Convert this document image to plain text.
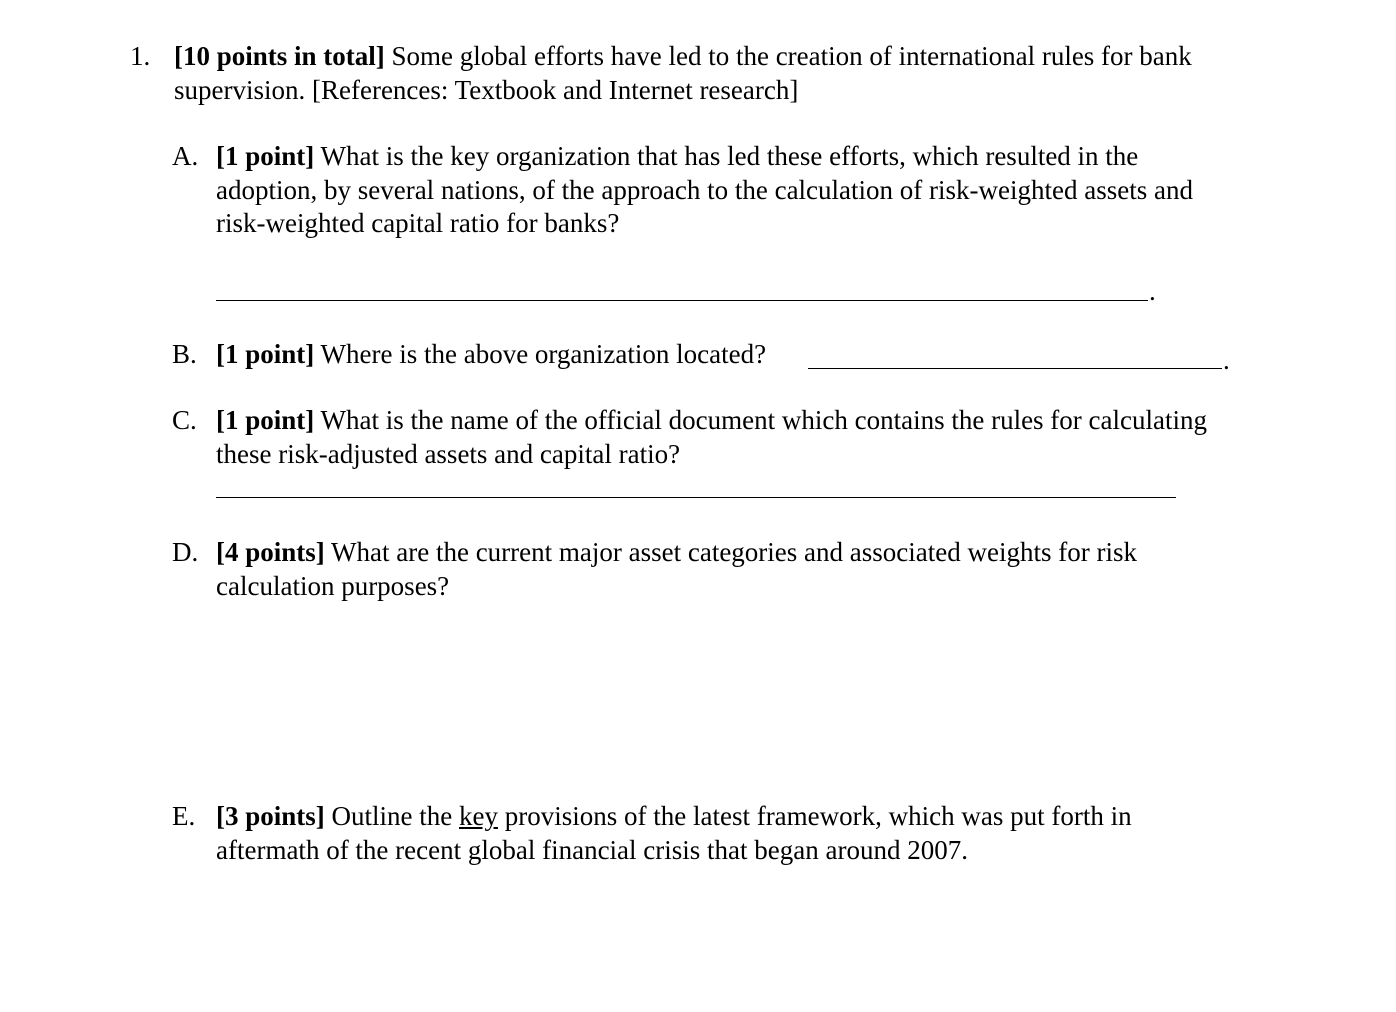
1. [10 points in total] Some global efforts have led to the creation of international rules for bank supervision. [References: Textbook and Internet research]
A. [1 point] What is the key organization that has led these efforts, which resulted in the adoption, by several nations, of the approach to the calculation of risk-weighted assets and risk-weighted capital ratio for banks?
.
B. [1 point] Where is the above organization located?	.
C. [1 point] What is the name of the official document which contains the rules for calculating these risk-adjusted assets and capital ratio?
D. [4 points] What are the current major asset categories and associated weights for risk calculation purposes?
E. [3 points] Outline the key provisions of the latest framework, which was put forth in aftermath of the recent global financial crisis that began around 2007.
